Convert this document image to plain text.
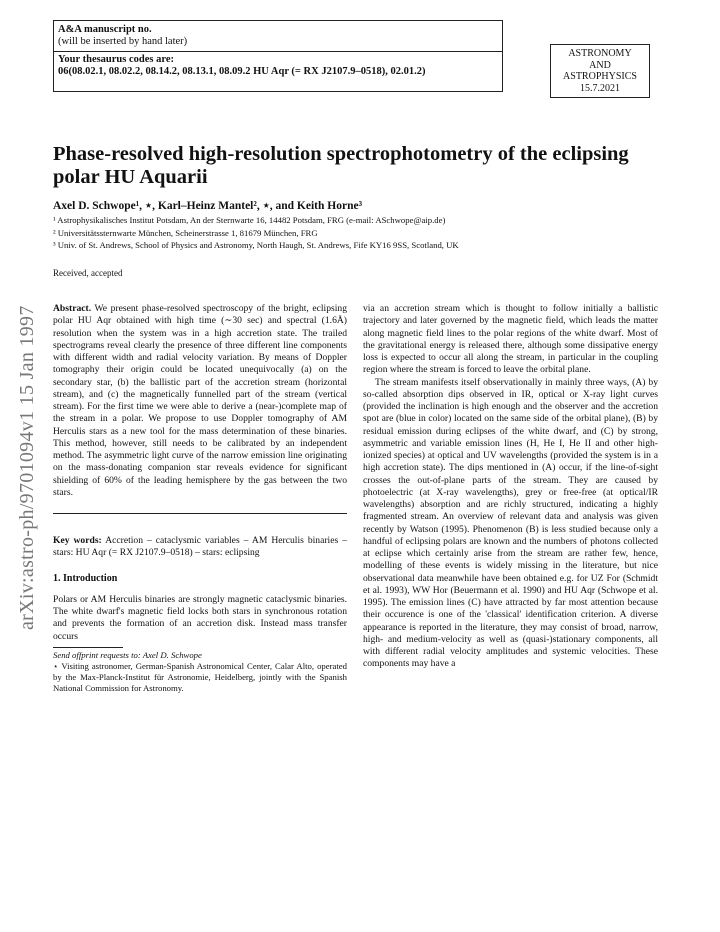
A&A manuscript no.
(will be inserted by hand later)
Your thesaurus codes are:
06(08.02.1, 08.02.2, 08.14.2, 08.13.1, 08.09.2 HU Aqr (= RX J2107.9–0518), 02.01.2)
ASTRONOMY
AND
ASTROPHYSICS
15.7.2021
arXiv:astro-ph/9701094v1 15 Jan 1997
Phase-resolved high-resolution spectrophotometry of the eclipsing polar HU Aquarii
Axel D. Schwope¹, ⋆, Karl–Heinz Mantel², ⋆, and Keith Horne³
¹ Astrophysikalisches Institut Potsdam, An der Sternwarte 16, 14482 Potsdam, FRG (e-mail: ASchwope@aip.de)
² Universitätssternwarte München, Scheinerstrasse 1, 81679 München, FRG
³ Univ. of St. Andrews, School of Physics and Astronomy, North Haugh, St. Andrews, Fife KY16 9SS, Scotland, UK
Received, accepted

Abstract. We present phase-resolved spectroscopy of the bright, eclipsing polar HU Aqr obtained with high time (∼30 sec) and spectral (1.6Å) resolution when the system was in a high accretion state. The trailed spectrograms reveal clearly the presence of three different line components with different width and radial velocity variation. By means of Doppler tomography their origin could be located unequivocally (a) on the secondary star, (b) the ballistic part of the accretion stream (horizontal stream), and (c) the magnetically funnelled part of the stream (vertical stream). For the first time we were able to derive a (near-)complete map of the stream in a polar. We propose to use Doppler tomography of AM Herculis stars as a new tool for the mass determination of these binaries. This method, however, still needs to be calibrated by an independent method. The asymmetric light curve of the narrow emission line originating on the mass-donating companion star reveals evidence for significant shielding of 60% of the leading hemisphere by the gas between the two stars.

Key words: Accretion – cataclysmic variables – AM Herculis binaries – stars: HU Aqr (= RX J2107.9–0518) – stars: eclipsing

1. Introduction

Polars or AM Herculis binaries are strongly magnetic cataclysmic binaries. The white dwarf's magnetic field locks both stars in synchronous rotation and prevents the formation of an accretion disk. Instead mass transfer occurs

Send offprint requests to: Axel D. Schwope
⋆ Visiting astronomer, German-Spanish Astronomical Center, Calar Alto, operated by the Max-Planck-Institut für Astronomie, Heidelberg, jointly with the Spanish National Commission for Astronomy.

via an accretion stream which is thought to follow initially a ballistic trajectory and later governed by the magnetic field, which leads the matter along magnetic field lines to the polar regions of the white dwarf. Most of the gravitational energy is released there, although some dissipative energy loss is expected to occur all along the stream, in particular in the coupling region where the stream is forced to leave the orbital plane.

The stream manifests itself observationally in mainly three ways, (A) by so-called absorption dips observed in IR, optical or X-ray light curves (provided the inclination is high enough and the observer and the accretion spot are (blue in color) located on the same side of the orbital plane), (B) by residual emission during eclipses of the white dwarf, and (C) by strong, asymmetric and variable emission lines (H, He I, He II and other high-ionized species) at optical and UV wavelengths (provided the system is in a high accretion state). The dips mentioned in (A) occur, if the line-of-sight crosses the out-of-plane parts of the stream. They are caused by photoelectric (at X-ray wavelengths), grey or free-free (at optical/IR wavelengths) absorption and are richly structured, indicating a highly fragmented stream. An overview of relevant data and analysis was given recently by Watson (1995). Phenomenon (B) is less studied because only a handful of eclipsing polars are known and the numbers of photons collected at eclipse which certainly arise from the stream are rather few, hence, modelling of these events is widely missing in the literature, but nice observational data meanwhile have been obtained e.g. for UZ For (Schmidt et al. 1993), WW Hor (Beuermann et al. 1990) and HU Aqr (Schwope et al. 1995). The emission lines (C) have attracted by far most attention because their occurence is one of the 'classical' identification criterion. A diverse appearance is reported in the literature, they may consist of broad, narrow, high- and medium-velocity as well as (quasi-)stationary components, all with different radial velocity amplitudes and systemic velocities. These components may have a
